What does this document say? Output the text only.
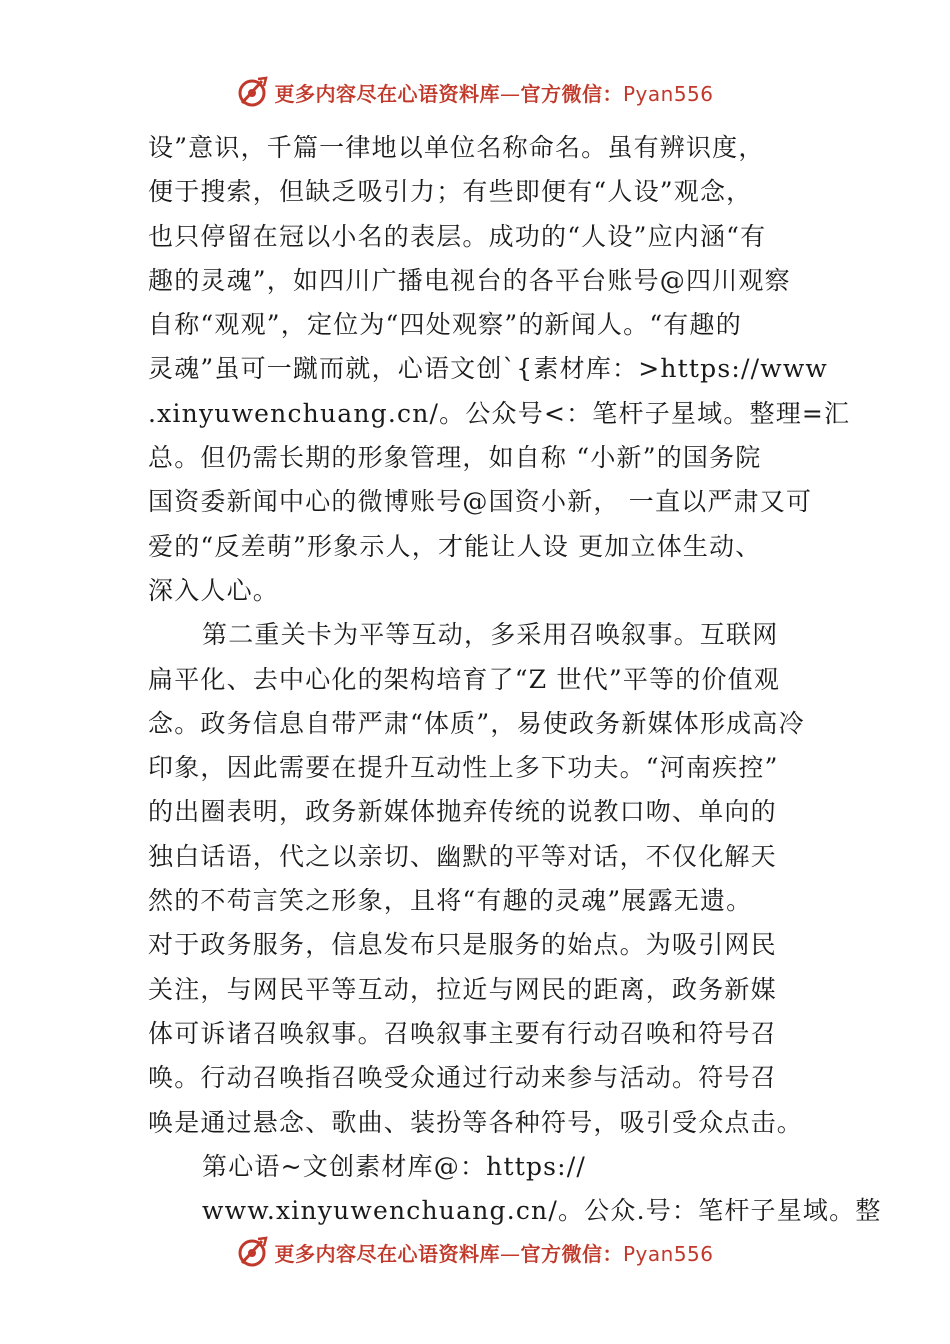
更多内容尽在心语资料库—官方微信：Pyan556
设”意识，千篇一律地以单位名称命名。虽有辨识度，
便于搜索，但缺乏吸引力；有些即便有“人设”观念，
也只停留在冠以小名的表层。成功的“人设”应内涵“有
趣的灵魂”，如四川广播电视台的各平台账号@四川观察
自称“观观”，定位为“四处观察”的新闻人。“有趣的
灵魂”虽可一蹴而就，心语文创`{素材库：>https://www
.xinyuwenchuang.cn/。公众号<：笔杆子星域。整理=汇
总。但仍需长期的形象管理，如自称 “小新”的国务院
国资委新闻中心的微博账号@国资小新， 一直以严肃又可
爱的“反差萌”形象示人，才能让人设 更加立体生动、
深入人心。
第二重关卡为平等互动，多采用召唤叙事。互联网
扁平化、去中心化的架构培育了“Z 世代”平等的价值观
念。政务信息自带严肃“体质”，易使政务新媒体形成高冷
印象，因此需要在提升互动性上多下功夫。“河南疾控”
的出圈表明，政务新媒体抛弃传统的说教口吻、单向的
独白话语，代之以亲切、幽默的平等对话，不仅化解天
然的不苟言笑之形象，且将“有趣的灵魂”展露无遗。
对于政务服务，信息发布只是服务的始点。为吸引网民
关注，与网民平等互动，拉近与网民的距离，政务新媒
体可诉诸召唤叙事。召唤叙事主要有行动召唤和符号召
唤。行动召唤指召唤受众通过行动来参与活动。符号召
唤是通过悬念、歌曲、装扮等各种符号，吸引受众点击。
第心语~文创素材库@：https://
www.xinyuwenchuang.cn/。公众.号：笔杆子星域。整
更多内容尽在心语资料库—官方微信：Pyan556
